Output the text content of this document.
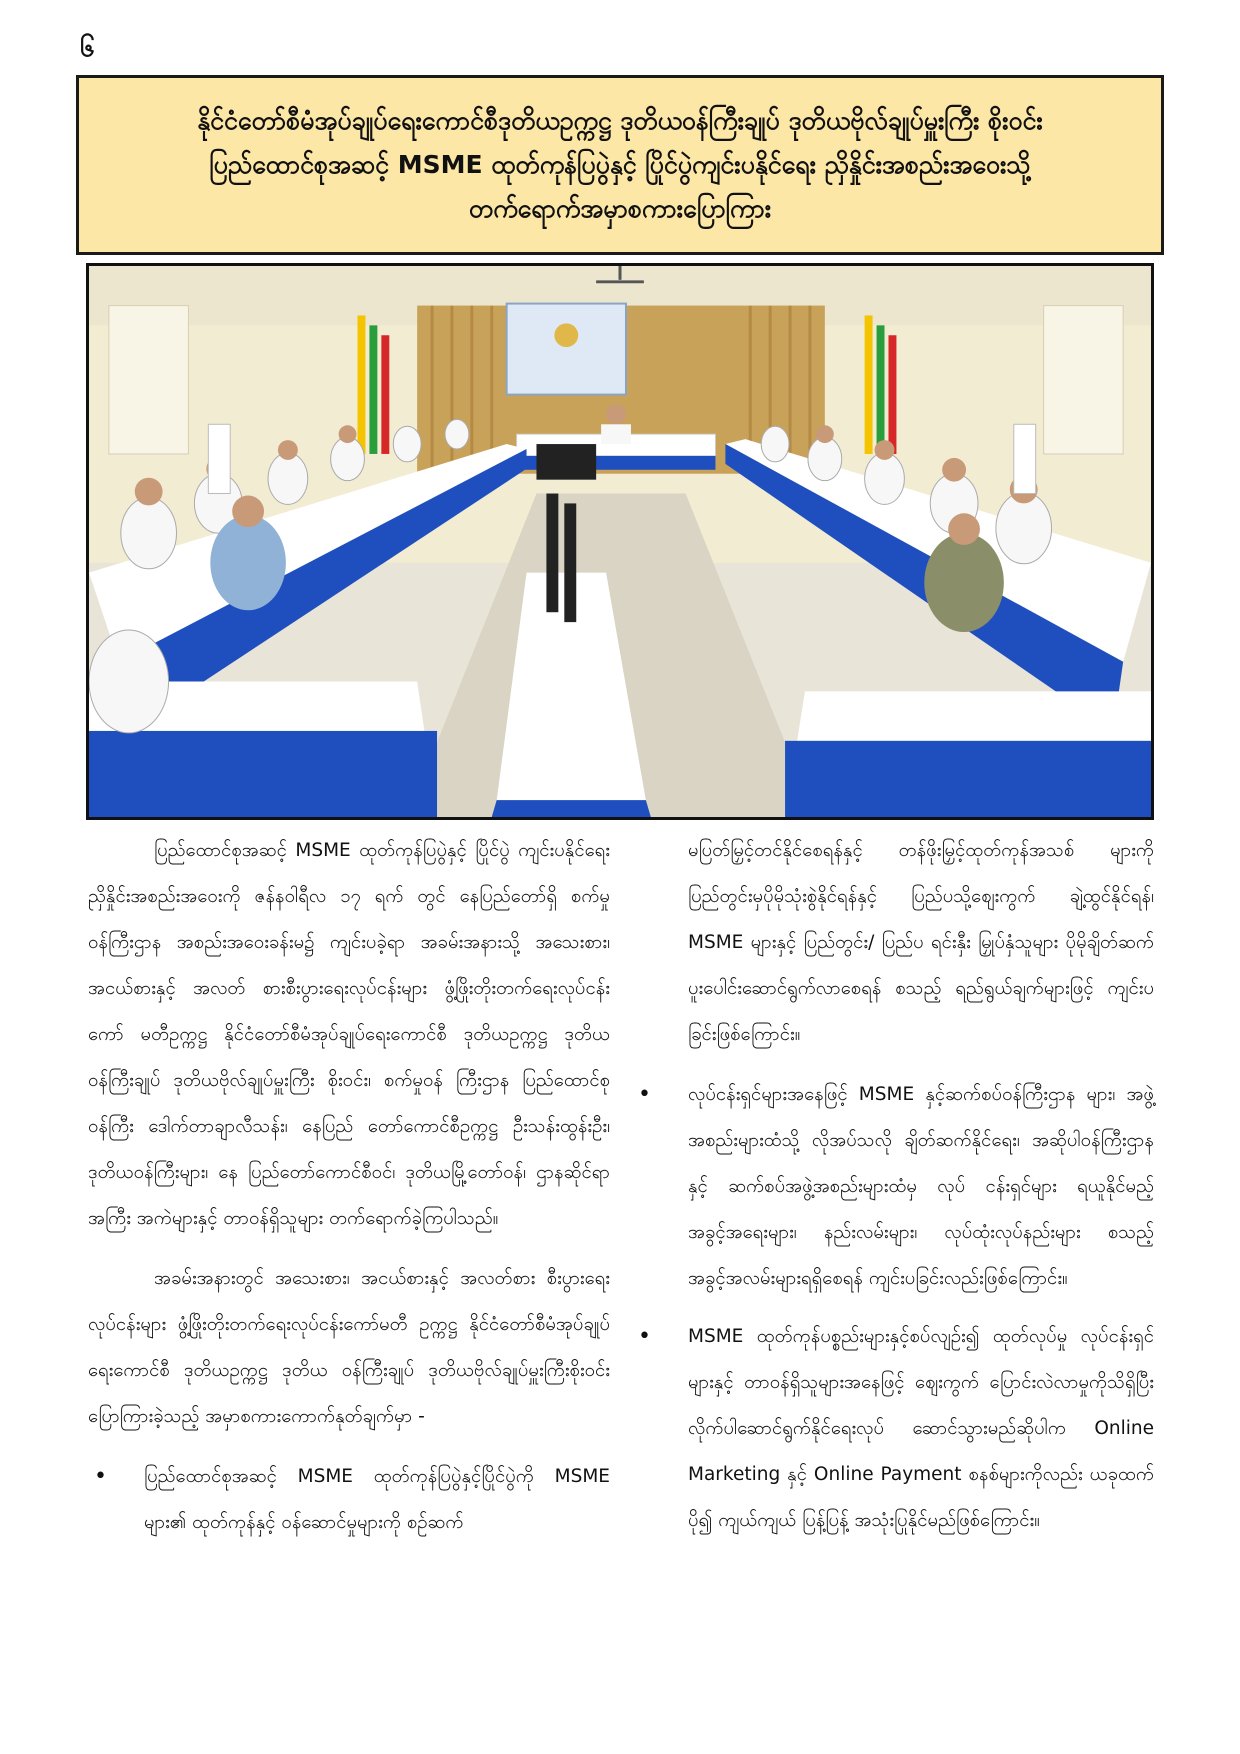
၆
နိုင်ငံတော်စီမံအုပ်ချုပ်ရေးကောင်စီဒုတိယဥက္ကဋ္ဌ ဒုတိယဝန်ကြီးချုပ် ဒုတိယဗိုလ်ချုပ်မှူးကြီး စိုးဝင်း
ပြည်ထောင်စုအဆင့် MSME ထုတ်ကုန်ပြပွဲနှင့် ပြိုင်ပွဲကျင်းပနိုင်ရေး ညှိနှိုင်းအစည်းအဝေးသို့
တက်ရောက်အမှာစကားပြောကြား

ပြည်ထောင်စုအဆင့် MSME ထုတ်ကုန်ပြပွဲနှင့် ပြိုင်ပွဲ ကျင်းပနိုင်ရေး ညှိနှိုင်းအစည်းအဝေးကို ဇန်နဝါရီလ ၁၇ ရက် တွင် နေပြည်တော်ရှိ စက်မှုဝန်ကြီးဌာန အစည်းအဝေးခန်းမ၌ ကျင်းပခဲ့ရာ အခမ်းအနားသို့ အသေးစား၊ အငယ်စားနှင့် အလတ် စားစီးပွားရေးလုပ်ငန်းများ ဖွံ့ဖြိုးတိုးတက်ရေးလုပ်ငန်းကော် မတီဥက္ကဋ္ဌ နိုင်ငံတော်စီမံအုပ်ချုပ်ရေးကောင်စီ ဒုတိယဥက္ကဋ္ဌ ဒုတိယဝန်ကြီးချုပ် ဒုတိယဗိုလ်ချုပ်မှူးကြီး စိုးဝင်း၊ စက်မှုဝန် ကြီးဌာန ပြည်ထောင်စုဝန်ကြီး ဒေါက်တာချာလီသန်း၊ နေပြည် တော်ကောင်စီဥက္ကဋ္ဌ ဦးသန်းထွန်းဦး၊ ဒုတိယဝန်ကြီးများ၊ နေ ပြည်တော်ကောင်စီဝင်၊ ဒုတိယမြို့တော်ဝန်၊ ဌာနဆိုင်ရာအကြီး အကဲများနှင့် တာဝန်ရှိသူများ တက်ရောက်ခဲ့ကြပါသည်။

အခမ်းအနားတွင် အသေးစား၊ အငယ်စားနှင့် အလတ်စား စီးပွားရေးလုပ်ငန်းများ ဖွံ့ဖြိုးတိုးတက်ရေးလုပ်ငန်းကော်မတီ ဥက္ကဋ္ဌ နိုင်ငံတော်စီမံအုပ်ချုပ်ရေးကောင်စီ ဒုတိယဥက္ကဋ္ဌ ဒုတိယ ဝန်ကြီးချုပ် ဒုတိယဗိုလ်ချုပ်မှူးကြီးစိုးဝင်း ပြောကြားခဲ့သည့် အမှာစကားကောက်နုတ်ချက်မှာ -

•	ပြည်ထောင်စုအဆင့် MSME ထုတ်ကုန်ပြပွဲနှင့်ပြိုင်ပွဲကို MSME များ၏ ထုတ်ကုန်နှင့် ဝန်ဆောင်မှုများကို စဉ်ဆက်

မပြတ်မြှင့်တင်နိုင်စေရန်နှင့် တန်ဖိုးမြှင့်ထုတ်ကုန်အသစ် များကို ပြည်တွင်းမှပိုမိုသုံးစွဲနိုင်ရန်နှင့် ပြည်ပသို့စျေးကွက် ချဲ့ထွင်နိုင်ရန်၊ MSME များနှင့် ပြည်တွင်း/ ပြည်ပ ရင်းနှီး မြှုပ်နှံသူများ ပိုမိုချိတ်ဆက်ပူးပေါင်းဆောင်ရွက်လာစေရန် စသည့် ရည်ရွယ်ချက်များဖြင့် ကျင်းပခြင်းဖြစ်ကြောင်း။

•	လုပ်ငန်းရှင်များအနေဖြင့် MSME နှင့်ဆက်စပ်ဝန်ကြီးဌာန များ၊ အဖွဲ့အစည်းများထံသို့ လိုအပ်သလို ချိတ်ဆက်နိုင်ရေး၊ အဆိုပါဝန်ကြီးဌာနနှင့် ဆက်စပ်အဖွဲ့အစည်းများထံမှ လုပ် ငန်းရှင်များ ရယူနိုင်မည့်အခွင့်အရေးများ၊ နည်းလမ်းများ၊ လုပ်ထုံးလုပ်နည်းများ စသည့် အခွင့်အလမ်းများရရှိစေရန် ကျင်းပခြင်းလည်းဖြစ်ကြောင်း။
•	MSME ထုတ်ကုန်ပစ္စည်းများနှင့်စပ်လျဉ်း၍ ထုတ်လုပ်မှု လုပ်ငန်းရှင်များနှင့် တာဝန်ရှိသူများအနေဖြင့် ဈေးကွက် ပြောင်းလဲလာမှုကိုသိရှိပြီး လိုက်ပါဆောင်ရွက်နိုင်ရေးလုပ် ဆောင်သွားမည်ဆိုပါက Online Marketing နှင့် Online Payment စနစ်များကိုလည်း ယခုထက်ပို၍ ကျယ်ကျယ် ပြန့်ပြန့် အသုံးပြုနိုင်မည်ဖြစ်ကြောင်း။
